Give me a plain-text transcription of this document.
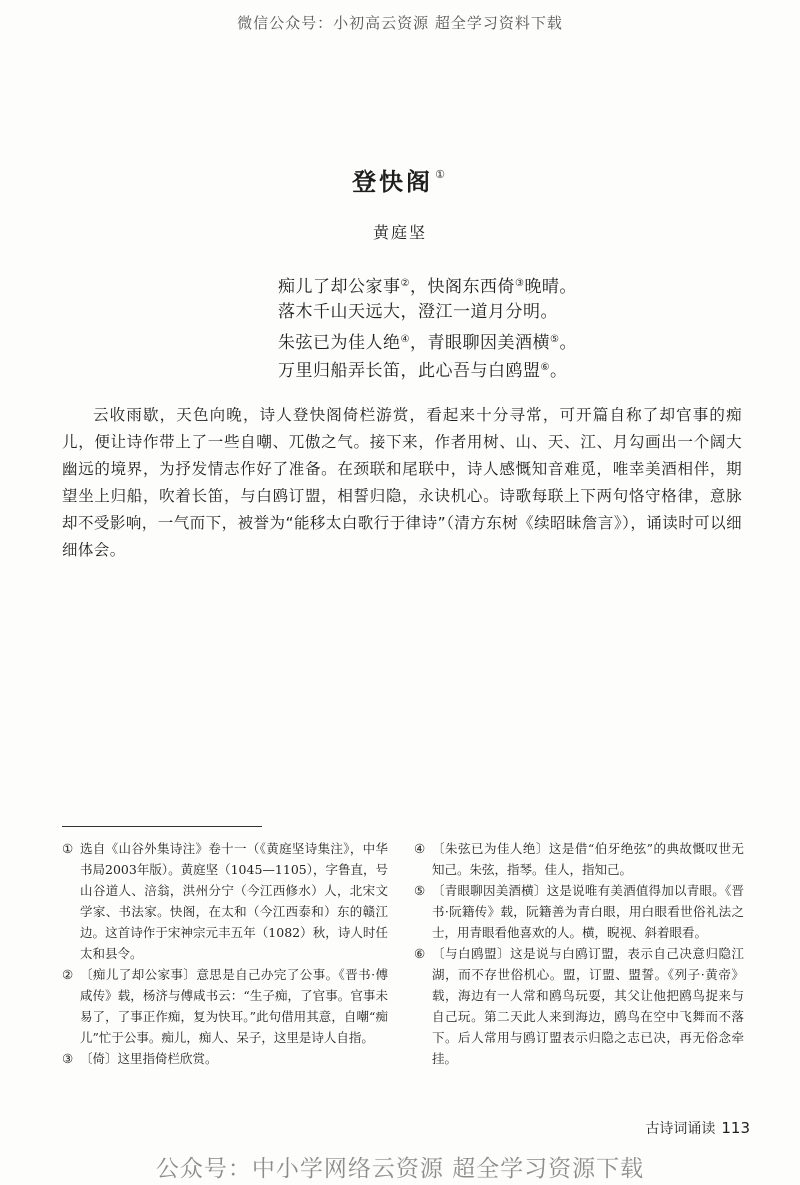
微信公众号：小初高云资源 超全学习资料下载
登快阁 ①
黄庭坚
痴儿了却公家事②，快阁东西倚③晚晴。
落木千山天远大，澄江一道月分明。
朱弦已为佳人绝④，青眼聊因美酒横⑤。
万里归船弄长笛，此心吾与白鸥盟⑥。
云收雨歇，天色向晚，诗人登快阁倚栏游赏，看起来十分寻常，可开篇自称了却官事的痴儿，便让诗作带上了一些自嘲、兀傲之气。接下来，作者用树、山、天、江、月勾画出一个阔大幽远的境界，为抒发情志作好了准备。在颈联和尾联中，诗人感慨知音难觅，唯幸美酒相伴，期望坐上归船，吹着长笛，与白鸥订盟，相誓归隐，永诀机心。诗歌每联上下两句恪守格律，意脉却不受影响，一气而下，被誉为“能移太白歌行于律诗”（清方东树《续昭昧詹言》），诵读时可以细细体会。
① 选自《山谷外集诗注》卷十一（《黄庭坚诗集注》，中华书局2003年版）。黄庭坚（1045—1105），字鲁直，号山谷道人、涪翁，洪州分宁（今江西修水）人，北宋文学家、书法家。快阁，在太和（今江西泰和）东的赣江边。这首诗作于宋神宗元丰五年（1082）秋，诗人时任太和县令。
② 〔痴儿了却公家事〕意思是自己办完了公事。《晋书·傅咸传》载，杨济与傅咸书云：“生子痴，了官事。官事未易了，了事正作痴，复为快耳。”此句借用其意，自嘲“痴儿”忙于公事。痴儿，痴人、呆子，这里是诗人自指。
③ 〔倚〕这里指倚栏欣赏。
④ 〔朱弦已为佳人绝〕这是借“伯牙绝弦”的典故慨叹世无知己。朱弦，指琴。佳人，指知己。
⑤ 〔青眼聊因美酒横〕这是说唯有美酒值得加以青眼。《晋书·阮籍传》载，阮籍善为青白眼，用白眼看世俗礼法之士，用青眼看他喜欢的人。横，睨视、斜着眼看。
⑥ 〔与白鸥盟〕这是说与白鸥订盟，表示自己决意归隐江湖，而不存世俗机心。盟，订盟、盟誓。《列子·黄帝》载，海边有一人常和鸥鸟玩耍，其父让他把鸥鸟捉来与自己玩。第二天此人来到海边，鸥鸟在空中飞舞而不落下。后人常用与鸥订盟表示归隐之志已决，再无俗念牵挂。
古诗词诵读 113
公众号：中小学网络云资源 超全学习资源下载
